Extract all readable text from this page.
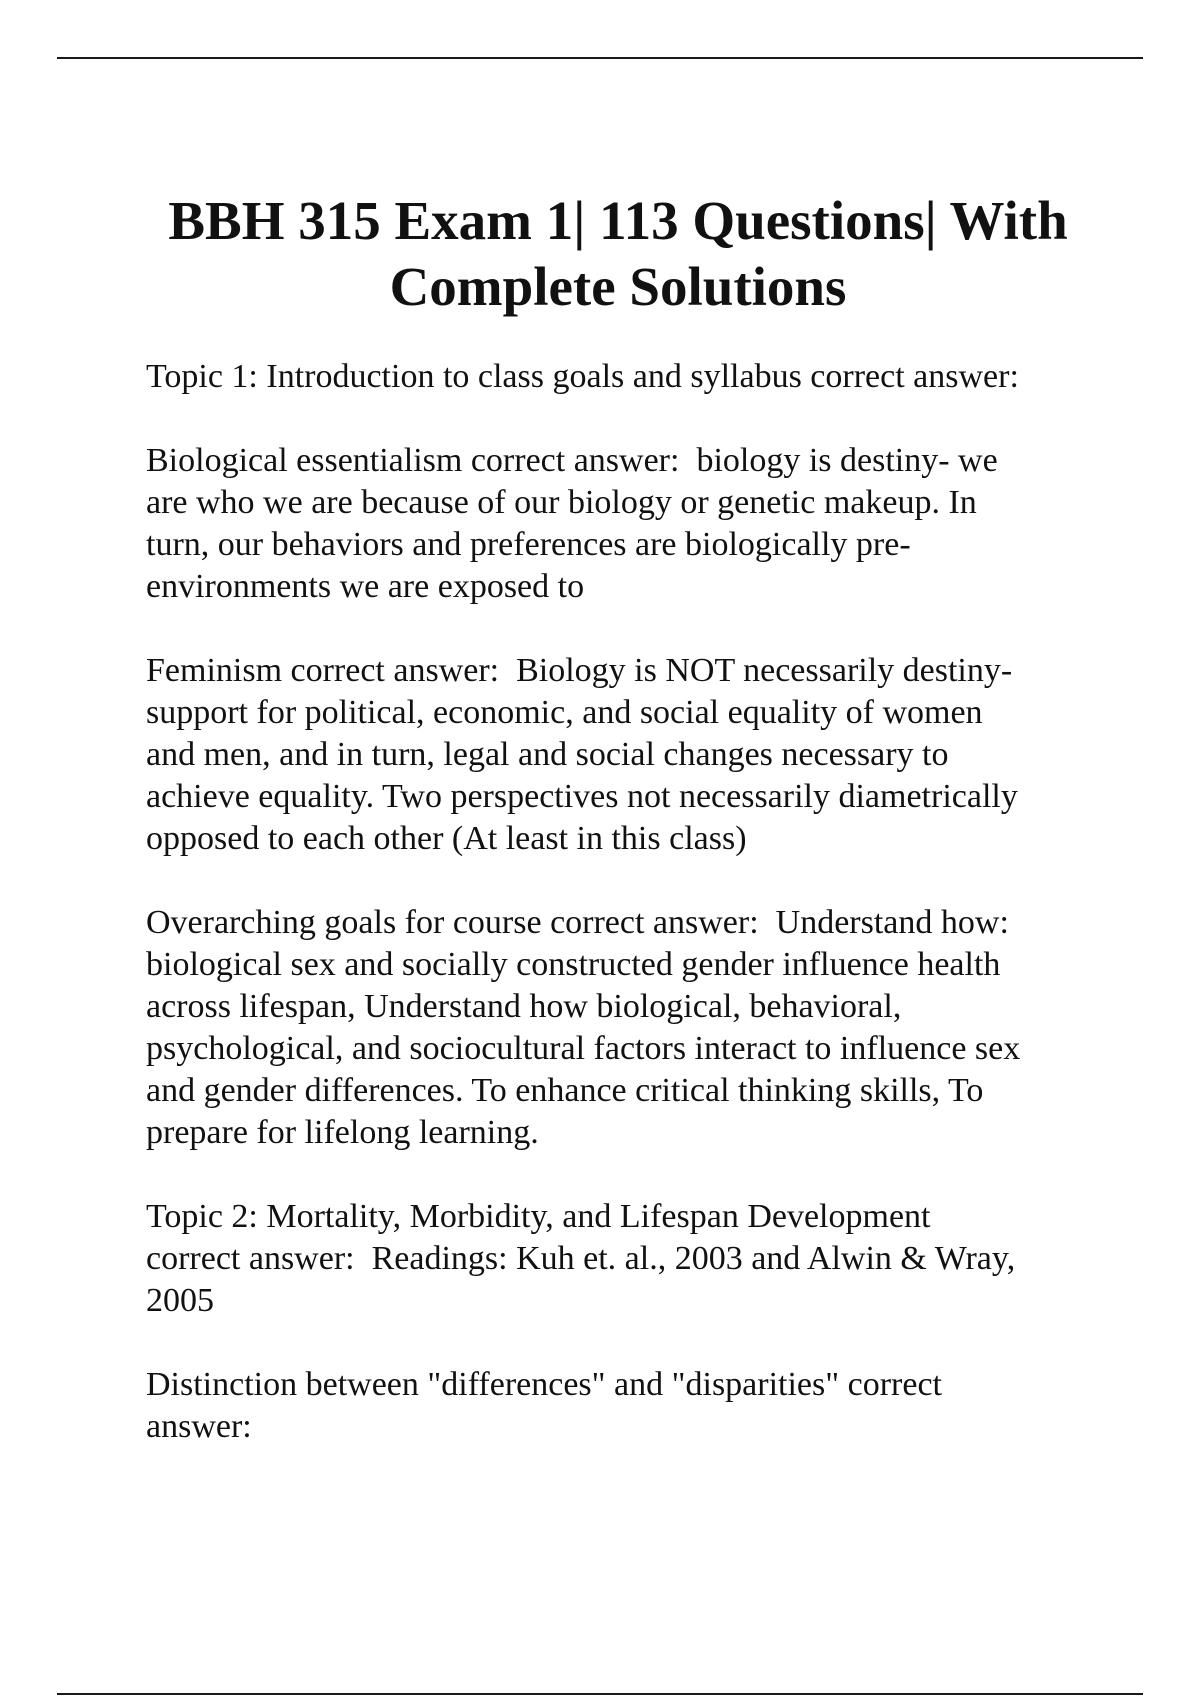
BBH 315 Exam 1| 113 Questions| With
Complete Solutions

Topic 1: Introduction to class goals and syllabus correct answer:

Biological essentialism correct answer:  biology is destiny- we
are who we are because of our biology or genetic makeup. In
turn, our behaviors and preferences are biologically pre-
environments we are exposed to

Feminism correct answer:  Biology is NOT necessarily destiny-
support for political, economic, and social equality of women
and men, and in turn, legal and social changes necessary to
achieve equality. Two perspectives not necessarily diametrically
opposed to each other (At least in this class)

Overarching goals for course correct answer:  Understand how:
biological sex and socially constructed gender influence health
across lifespan, Understand how biological, behavioral,
psychological, and sociocultural factors interact to influence sex
and gender differences. To enhance critical thinking skills, To
prepare for lifelong learning.

Topic 2: Mortality, Morbidity, and Lifespan Development
correct answer:  Readings: Kuh et. al., 2003 and Alwin & Wray,
2005

Distinction between "differences" and "disparities" correct
answer:
